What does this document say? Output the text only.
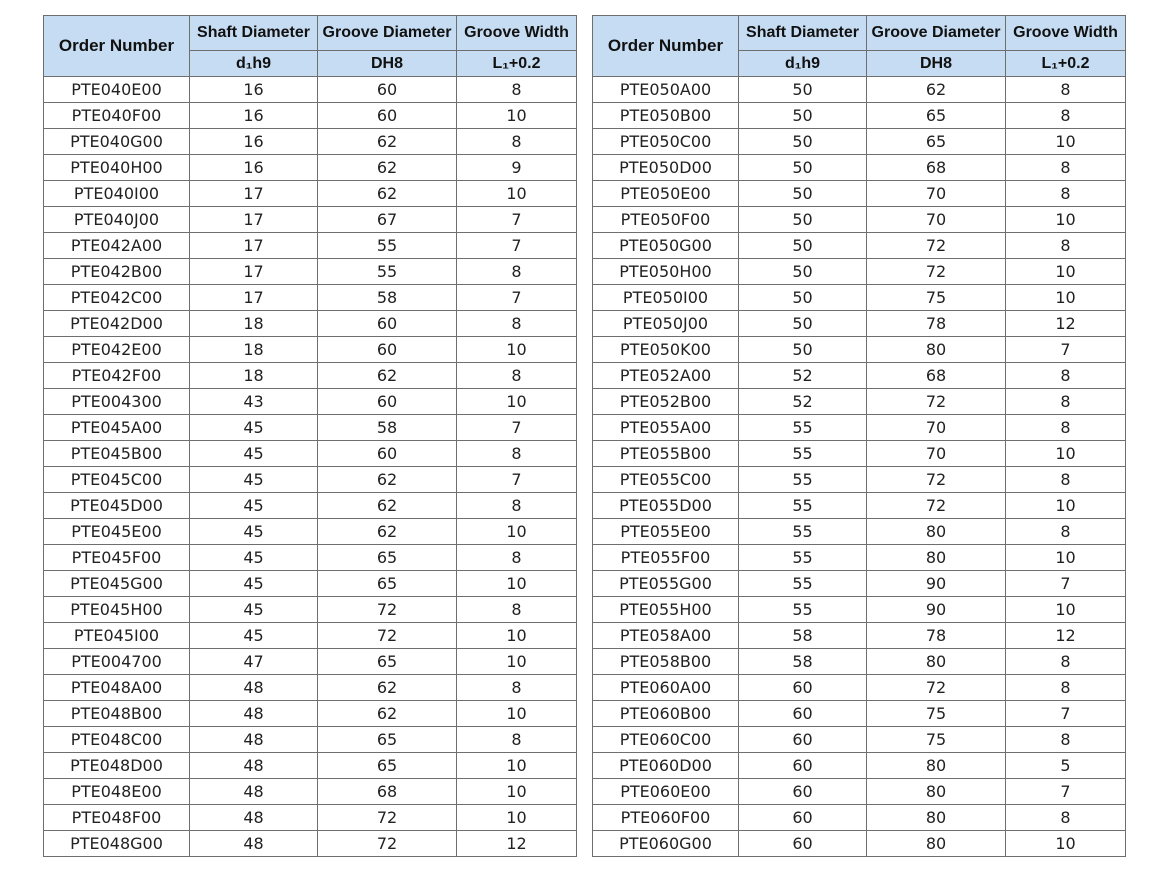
Order Number	Shaft Diameter	Groove Diameter	Groove Width
	d₁h9	DH8	L₁+0.2
PTE040E00	16	60	8
PTE040F00	16	60	10
PTE040G00	16	62	8
PTE040H00	16	62	9
PTE040I00	17	62	10
PTE040J00	17	67	7
PTE042A00	17	55	7
PTE042B00	17	55	8
PTE042C00	17	58	7
PTE042D00	18	60	8
PTE042E00	18	60	10
PTE042F00	18	62	8
PTE004300	43	60	10
PTE045A00	45	58	7
PTE045B00	45	60	8
PTE045C00	45	62	7
PTE045D00	45	62	8
PTE045E00	45	62	10
PTE045F00	45	65	8
PTE045G00	45	65	10
PTE045H00	45	72	8
PTE045I00	45	72	10
PTE004700	47	65	10
PTE048A00	48	62	8
PTE048B00	48	62	10
PTE048C00	48	65	8
PTE048D00	48	65	10
PTE048E00	48	68	10
PTE048F00	48	72	10
PTE048G00	48	72	12
Order Number	Shaft Diameter	Groove Diameter	Groove Width
	d₁h9	DH8	L₁+0.2
PTE050A00	50	62	8
PTE050B00	50	65	8
PTE050C00	50	65	10
PTE050D00	50	68	8
PTE050E00	50	70	8
PTE050F00	50	70	10
PTE050G00	50	72	8
PTE050H00	50	72	10
PTE050I00	50	75	10
PTE050J00	50	78	12
PTE050K00	50	80	7
PTE052A00	52	68	8
PTE052B00	52	72	8
PTE055A00	55	70	8
PTE055B00	55	70	10
PTE055C00	55	72	8
PTE055D00	55	72	10
PTE055E00	55	80	8
PTE055F00	55	80	10
PTE055G00	55	90	7
PTE055H00	55	90	10
PTE058A00	58	78	12
PTE058B00	58	80	8
PTE060A00	60	72	8
PTE060B00	60	75	7
PTE060C00	60	75	8
PTE060D00	60	80	5
PTE060E00	60	80	7
PTE060F00	60	80	8
PTE060G00	60	80	10
